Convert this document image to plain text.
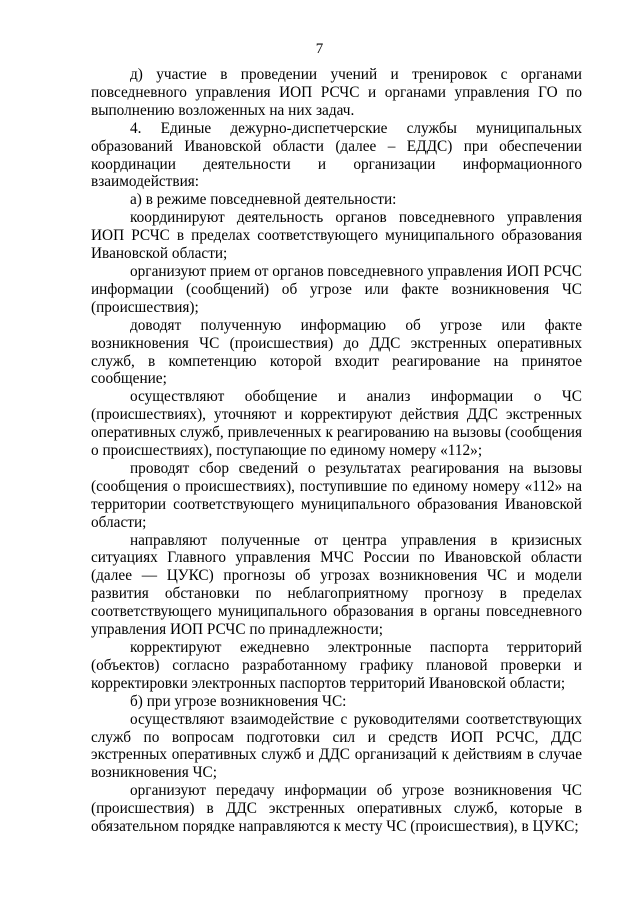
7

д) участие в проведении учений и тренировок с органами повседневного управления ИОП РСЧС и органами управления ГО по выполнению возложенных на них задач.

4. Единые дежурно-диспетчерские службы муниципальных образований Ивановской области (далее – ЕДДС) при обеспечении координации деятельности и организации информационного взаимодействия:

а) в режиме повседневной деятельности:

координируют деятельность органов повседневного управления ИОП РСЧС в пределах соответствующего муниципального образования Ивановской области;

организуют прием от органов повседневного управления ИОП РСЧС информации (сообщений) об угрозе или факте возникновения ЧС (происшествия);

доводят полученную информацию об угрозе или факте возникновения ЧС (происшествия) до ДДС экстренных оперативных служб, в компетенцию которой входит реагирование на принятое сообщение;

осуществляют обобщение и анализ информации о ЧС (происшествиях), уточняют и корректируют действия ДДС экстренных оперативных служб, привлеченных к реагированию на вызовы (сообщения о происшествиях), поступающие по единому номеру «112»;

проводят сбор сведений о результатах реагирования на вызовы (сообщения о происшествиях), поступившие по единому номеру «112» на территории соответствующего муниципального образования Ивановской области;

направляют полученные от центра управления в кризисных ситуациях Главного управления МЧС России по Ивановской области (далее — ЦУКС) прогнозы об угрозах возникновения ЧС и модели развития обстановки по неблагоприятному прогнозу в пределах соответствующего муниципального образования в органы повседневного управления ИОП РСЧС по принадлежности;

корректируют ежедневно электронные паспорта территорий (объектов) согласно разработанному графику плановой проверки и корректировки электронных паспортов территорий Ивановской области;

б) при угрозе возникновения ЧС:

осуществляют взаимодействие с руководителями соответствующих служб по вопросам подготовки сил и средств ИОП РСЧС, ДДС экстренных оперативных служб и ДДС организаций к действиям в случае возникновения ЧС;

организуют передачу информации об угрозе возникновения ЧС (происшествия) в ДДС экстренных оперативных служб, которые в обязательном порядке направляются к месту ЧС (происшествия), в ЦУКС;
